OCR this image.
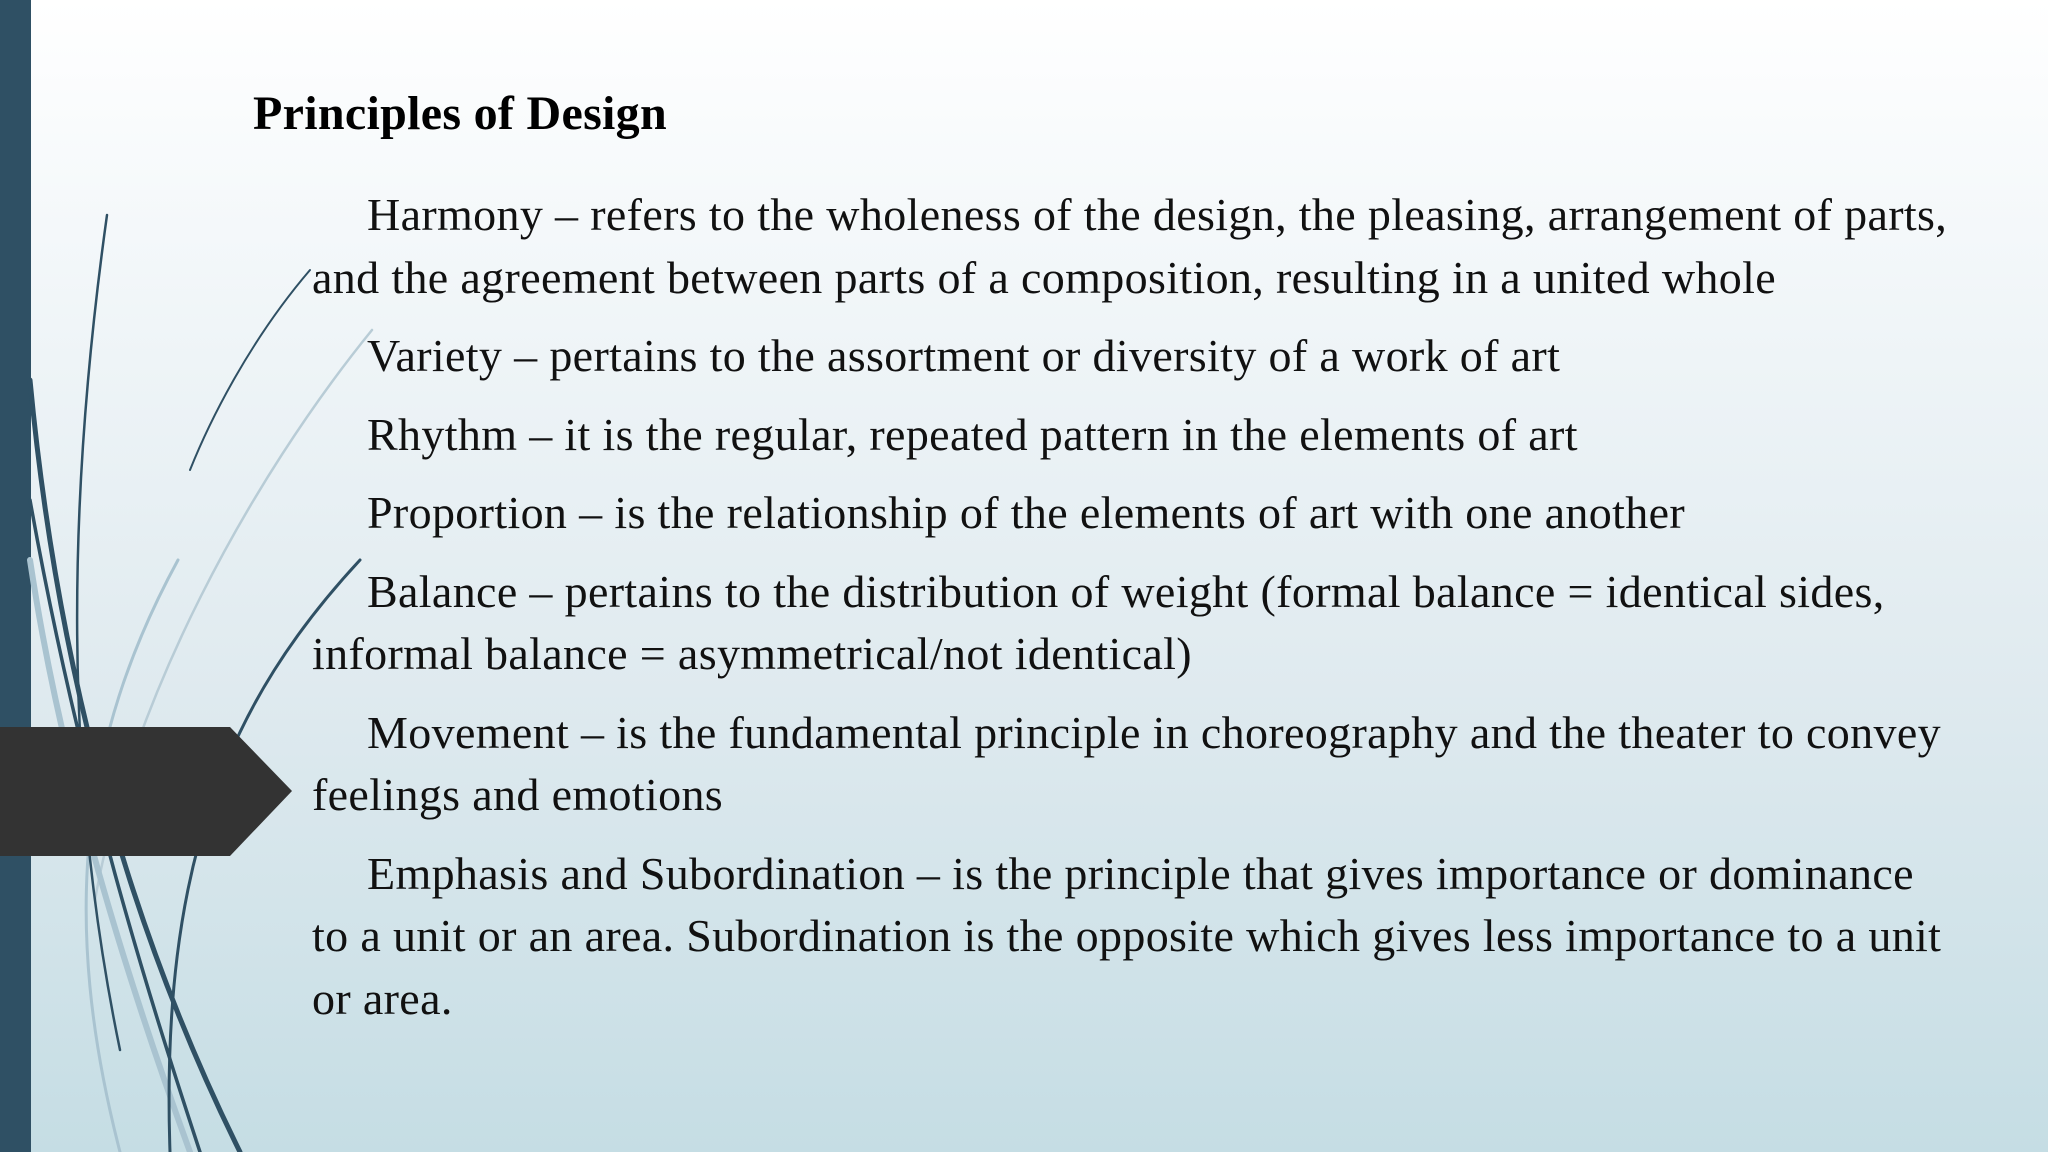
Principles of Design

Harmony – refers to the wholeness of the design, the pleasing, arrangement of parts, and the agreement between parts of a composition, resulting in a united whole

Variety – pertains to the assortment or diversity of a work of art

Rhythm – it is the regular, repeated pattern in the elements of art

Proportion – is the relationship of the elements of art with one another

Balance – pertains to the distribution of weight (formal balance = identical sides, informal balance = asymmetrical/not identical)

Movement – is the fundamental principle in choreography and the theater to convey feelings and emotions

Emphasis and Subordination – is the principle that gives importance or dominance to a unit or an area. Subordination is the opposite which gives less importance to a unit or area.
